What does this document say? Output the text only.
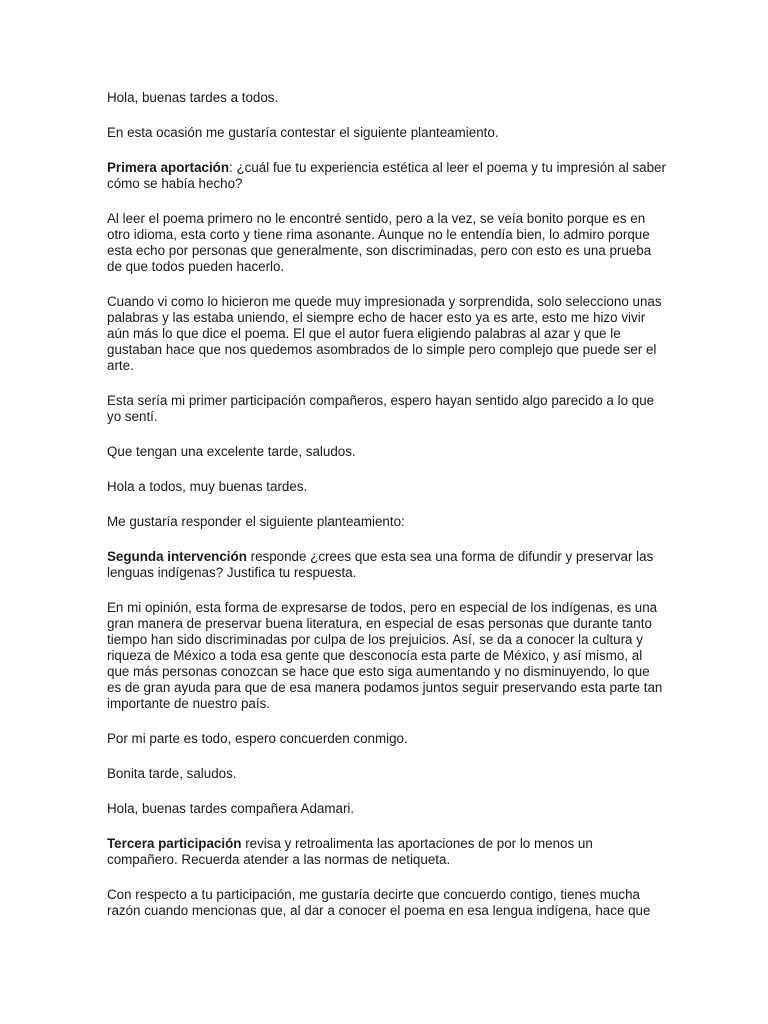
Hola, buenas tardes a todos.

En esta ocasión me gustaría contestar el siguiente planteamiento.

Primera aportación: ¿cuál fue tu experiencia estética al leer el poema y tu impresión al saber cómo se había hecho?

Al leer el poema primero no le encontré sentido, pero a la vez, se veía bonito porque es en otro idioma, esta corto y tiene rima asonante. Aunque no le entendía bien, lo admiro porque esta echo por personas que generalmente, son discriminadas, pero con esto es una prueba de que todos pueden hacerlo.

Cuando vi como lo hicieron me quede muy impresionada y sorprendida, solo selecciono unas palabras y las estaba uniendo, el siempre echo de hacer esto ya es arte, esto me hizo vivir aún más lo que dice el poema. El que el autor fuera eligiendo palabras al azar y que le gustaban hace que nos quedemos asombrados de lo simple pero complejo que puede ser el arte.

Esta sería mi primer participación compañeros, espero hayan sentido algo parecido a lo que yo sentí.

Que tengan una excelente tarde, saludos.

Hola a todos, muy buenas tardes.

Me gustaría responder el siguiente planteamiento:

Segunda intervención responde ¿crees que esta sea una forma de difundir y preservar las lenguas indígenas? Justifica tu respuesta.

En mi opinión, esta forma de expresarse de todos, pero en especial de los indígenas, es una gran manera de preservar buena literatura, en especial de esas personas que durante tanto tiempo han sido discriminadas por culpa de los prejuicios. Así, se da a conocer la cultura y riqueza de México a toda esa gente que desconocía esta parte de México, y así mismo, al que más personas conozcan se hace que esto siga aumentando y no disminuyendo, lo que es de gran ayuda para que de esa manera podamos juntos seguir preservando esta parte tan importante de nuestro país.

Por mi parte es todo, espero concuerden conmigo.

Bonita tarde, saludos.

Hola, buenas tardes compañera Adamari.

Tercera participación revisa y retroalimenta las aportaciones de por lo menos un compañero. Recuerda atender a las normas de netiqueta.

Con respecto a tu participación, me gustaría decirte que concuerdo contigo, tienes mucha razón cuando mencionas que, al dar a conocer el poema en esa lengua indígena, hace que
